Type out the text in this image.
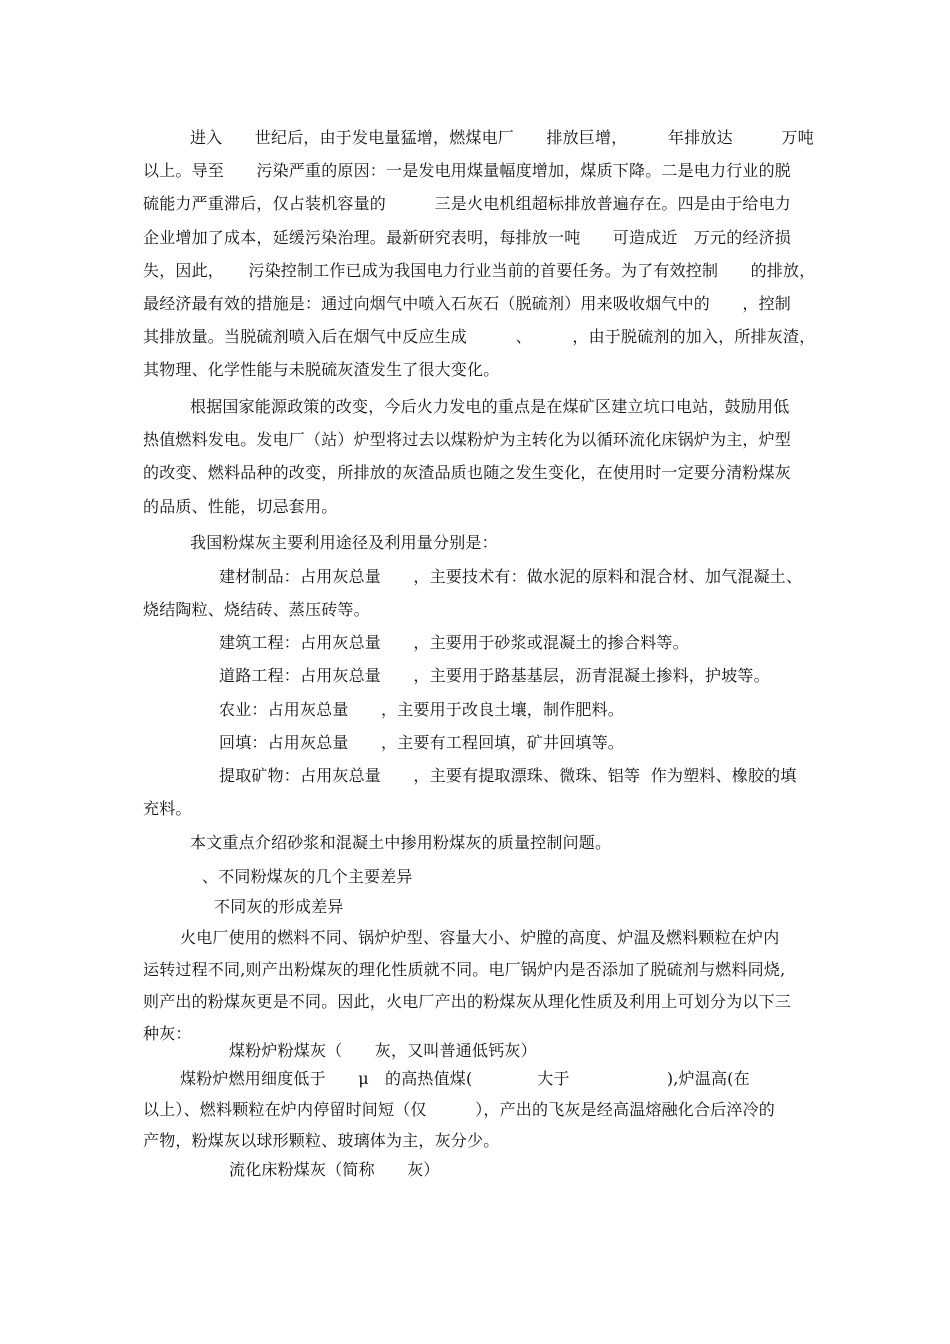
进入　　世纪后，由于发电量猛增，燃煤电厂　　排放巨增，　　　年排放达　　　万吨
以上。导至　　污染严重的原因：一是发电用煤量幅度增加，煤质下降。二是电力行业的脱
硫能力严重滞后，仅占装机容量的　　　三是火电机组超标排放普遍存在。四是由于给电力
企业增加了成本，延缓污染治理。最新研究表明，每排放一吨　　可造成近　万元的经济损
失，因此，　　污染控制工作已成为我国电力行业当前的首要任务。为了有效控制　　的排放，
最经济最有效的措施是：通过向烟气中喷入石灰石（脱硫剂）用来吸收烟气中的　　，控制
其排放量。当脱硫剂喷入后在烟气中反应生成　　　、　　　，由于脱硫剂的加入，所排灰渣，
其物理、化学性能与未脱硫灰渣发生了很大变化。
根据国家能源政策的改变，今后火力发电的重点是在煤矿区建立坑口电站，鼓励用低
热值燃料发电。发电厂（站）炉型将过去以煤粉炉为主转化为以循环流化床锅炉为主，炉型
的改变、燃料品种的改变，所排放的灰渣品质也随之发生变化，在使用时一定要分清粉煤灰
的品质、性能，切忌套用。
我国粉煤灰主要利用途径及利用量分别是：
建材制品：占用灰总量　　，主要技术有：做水泥的原料和混合材、加气混凝土、
烧结陶粒、烧结砖、蒸压砖等。
建筑工程：占用灰总量　　，主要用于砂浆或混凝土的掺合料等。
道路工程：占用灰总量　　，主要用于路基基层，沥青混凝土掺料，护坡等。
农业：占用灰总量　　，主要用于改良土壤，制作肥料。
回填：占用灰总量　　，主要有工程回填，矿井回填等。
提取矿物：占用灰总量　　，主要有提取漂珠、微珠、铝等  作为塑料、橡胶的填
充料。
本文重点介绍砂浆和混凝土中掺用粉煤灰的质量控制问题。
、不同粉煤灰的几个主要差异
不同灰的形成差异
火电厂使用的燃料不同、锅炉炉型、容量大小、炉膛的高度、炉温及燃料颗粒在炉内
运转过程不同,则产出粉煤灰的理化性质就不同。电厂锅炉内是否添加了脱硫剂与燃料同烧,
则产出的粉煤灰更是不同。因此，火电厂产出的粉煤灰从理化性质及利用上可划分为以下三
种灰：
煤粉炉粉煤灰（　　灰，又叫普通低钙灰）
煤粉炉燃用细度低于　　μ　的高热值煤(　　　　大于　　　　　　),炉温高(在
以上）、燃料颗粒在炉内停留时间短（仅　　　），产出的飞灰是经高温熔融化合后淬冷的
产物，粉煤灰以球形颗粒、玻璃体为主，灰分少。
流化床粉煤灰（简称　　灰）
